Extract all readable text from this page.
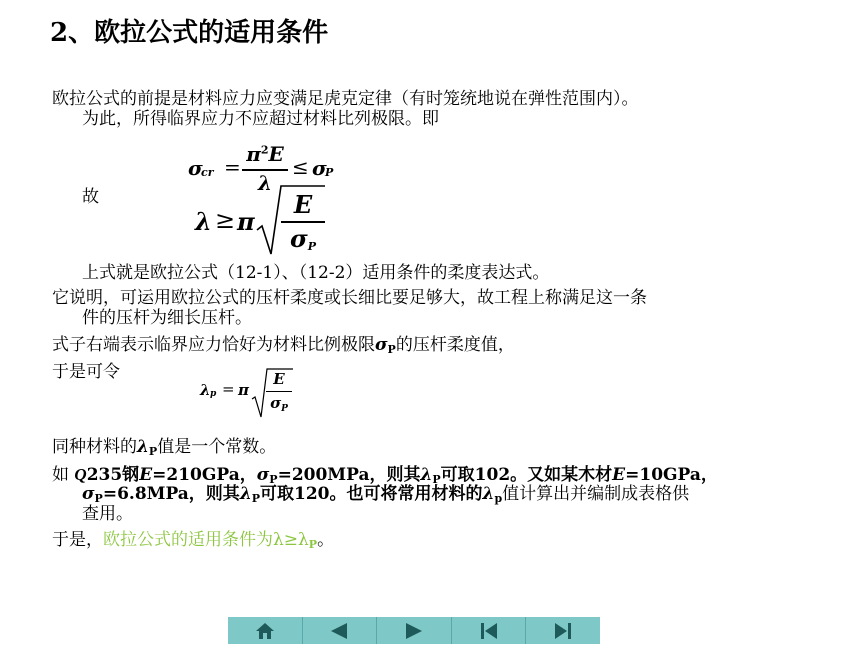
2、欧拉公式的适用条件
欧拉公式的前提是材料应力应变满足虎克定律（有时笼统地说在弹性范围内）。
为此，所得临界应力不应超过材料比列极限。即
σ
cr =
$\pi^2E$
λ
≤ σ
P
故
λ ≥ π
E
$\sigma_P$
上式就是欧拉公式（12-1）、（12-2）适用条件的柔度表达式。
它说明，可运用欧拉公式的压杆柔度或长细比要足够大，故工程上称满足这一条
件的压杆为细长压杆。
式子右端表示临界应力恰好为材料比例极限$\sigma_P$的压杆柔度值，
于是可令
λ p = π
E
$\sigma_P$
同种材料的$\lambda_P$值是一个常数。
如 Q235钢E=210GPa，$\sigma_P=200MPa$，则其$\lambda_P$可取102。又如某木材E=10GPa，
$\sigma_P=6.8MPa$，则其$\lambda_P$可取120。也可将常用材料的$\lambda_p$值计算出并编制成表格供
查用。
于是，欧拉公式的适用条件为$\lambda\ge\lambda_P$。
